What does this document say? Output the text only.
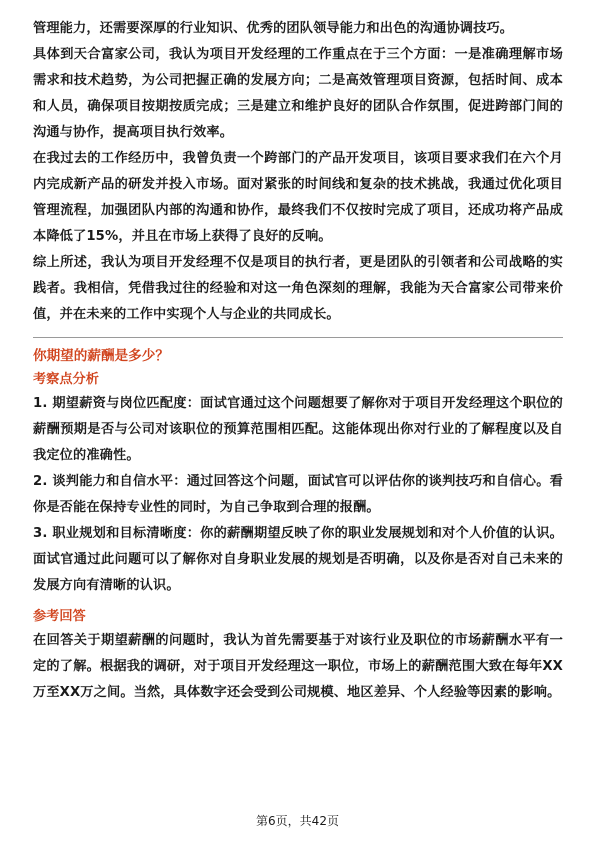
管理能力，还需要深厚的行业知识、优秀的团队领导能力和出色的沟通协调技巧。

具体到天合富家公司，我认为项目开发经理的工作重点在于三个方面：一是准确理解市场需求和技术趋势，为公司把握正确的发展方向；二是高效管理项目资源，包括时间、成本和人员，确保项目按期按质完成；三是建立和维护良好的团队合作氛围，促进跨部门间的沟通与协作，提高项目执行效率。

在我过去的工作经历中，我曾负责一个跨部门的产品开发项目，该项目要求我们在六个月内完成新产品的研发并投入市场。面对紧张的时间线和复杂的技术挑战，我通过优化项目管理流程，加强团队内部的沟通和协作，最终我们不仅按时完成了项目，还成功将产品成本降低了15%，并且在市场上获得了良好的反响。

综上所述，我认为项目开发经理不仅是项目的执行者，更是团队的引领者和公司战略的实践者。我相信，凭借我过往的经验和对这一角色深刻的理解，我能为天合富家公司带来价值，并在未来的工作中实现个人与企业的共同成长。

你期望的薪酬是多少？

考察点分析

1. 期望薪资与岗位匹配度：面试官通过这个问题想要了解你对于项目开发经理这个职位的薪酬预期是否与公司对该职位的预算范围相匹配。这能体现出你对行业的了解程度以及自我定位的准确性。

2. 谈判能力和自信水平：通过回答这个问题，面试官可以评估你的谈判技巧和自信心。看你是否能在保持专业性的同时，为自己争取到合理的报酬。

3. 职业规划和目标清晰度：你的薪酬期望反映了你的职业发展规划和对个人价值的认识。面试官通过此问题可以了解你对自身职业发展的规划是否明确，以及你是否对自己未来的发展方向有清晰的认识。

参考回答

在回答关于期望薪酬的问题时，我认为首先需要基于对该行业及职位的市场薪酬水平有一定的了解。根据我的调研，对于项目开发经理这一职位，市场上的薪酬范围大致在每年XX万至XX万之间。当然，具体数字还会受到公司规模、地区差异、个人经验等因素的影响。

第6页，共42页
